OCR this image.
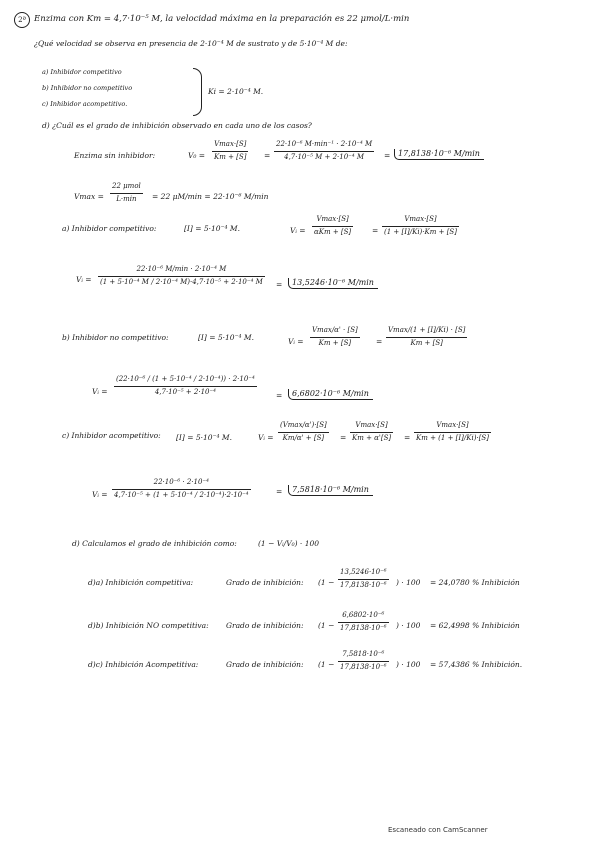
2ª Enzima con Km = 4,7·10⁻⁵ M, la velocidad máxima en la preparación es 22 μmol/L·min
¿Qué velocidad se observa en presencia de 2·10⁻⁴ M de sustrato y de 5·10⁻⁴ M de:
a) Inhibidor competitivo
b) Inhibidor no competitivo
c) Inhibidor acompetitivo.
Ki = 2·10⁻⁴ M.
d) ¿Cuál es el grado de inhibición observado en cada uno de los casos?
Enzima sin inhibidor:	V₀ =
Vmax·[S]
Km + [S] =
22·10⁻⁶ M·min⁻¹ · 2·10⁻⁴ M
4,7·10⁻⁵ M + 2·10⁻⁴ M	= 17,8138·10⁻⁶ M/min
Vmax =
22 μmol
L·min = 22 μM/min = 22·10⁻⁶ M/min
a) Inhibidor competitivo:	[I] = 5·10⁻⁴ M.	Vᵢ =
Vmax·[S]
αKm + [S]	=
Vmax·[S]
(1 + [I]/Ki)·Km + [S]
Vᵢ =
22·10⁻⁶ M/min · 2·10⁻⁴ M
(1 + 5·10⁻⁴ M / 2·10⁻⁴ M)·4,7·10⁻⁵ + 2·10⁻⁴ M =	13,5246·10⁻⁶ M/min
b) Inhibidor no competitivo:	[I] = 5·10⁻⁴ M.	Vᵢ =
Vmax/α' · [S]
Km + [S]	=
Vmax/(1 + [I]/Ki) · [S]
Km + [S]
Vᵢ =
(22·10⁻⁶ / (1 + 5·10⁻⁴ / 2·10⁻⁴)) · 2·10⁻⁴
4,7·10⁻⁵ + 2·10⁻⁴	=	6,6802·10⁻⁶ M/min
c) Inhibidor acompetitivo: [I] = 5·10⁻⁴ M.	Vᵢ =
(Vmax/α')·[S]
Km/α' + [S] =
Vmax·[S]
Km + α'[S] =
Vmax·[S]
Km + (1 + [I]/Ki)·[S]
Vᵢ =
22·10⁻⁶ · 2·10⁻⁴
4,7·10⁻⁵ + (1 + 5·10⁻⁴ / 2·10⁻⁴)·2·10⁻⁴	=	7,5818·10⁻⁶ M/min
d) Calculamos el grado de inhibición como:	(1 − Vᵢ/V₀) · 100
d)a) Inhibición competitiva:	Grado de inhibición: (1 −
13,5246·10⁻⁶
17,8138·10⁻⁶ ) · 100 = 24,0780 % Inhibición
d)b) Inhibición NO competitiva: Grado de inhibición: (1 −
6,6802·10⁻⁶
17,8138·10⁻⁶ ) · 100 = 62,4998 % Inhibición
d)c) Inhibición Acompetitiva:	Grado de inhibición: (1 −
7,5818·10⁻⁶
17,8138·10⁻⁶ ) · 100 = 57,4386 % Inhibición.
Escaneado con CamScanner
